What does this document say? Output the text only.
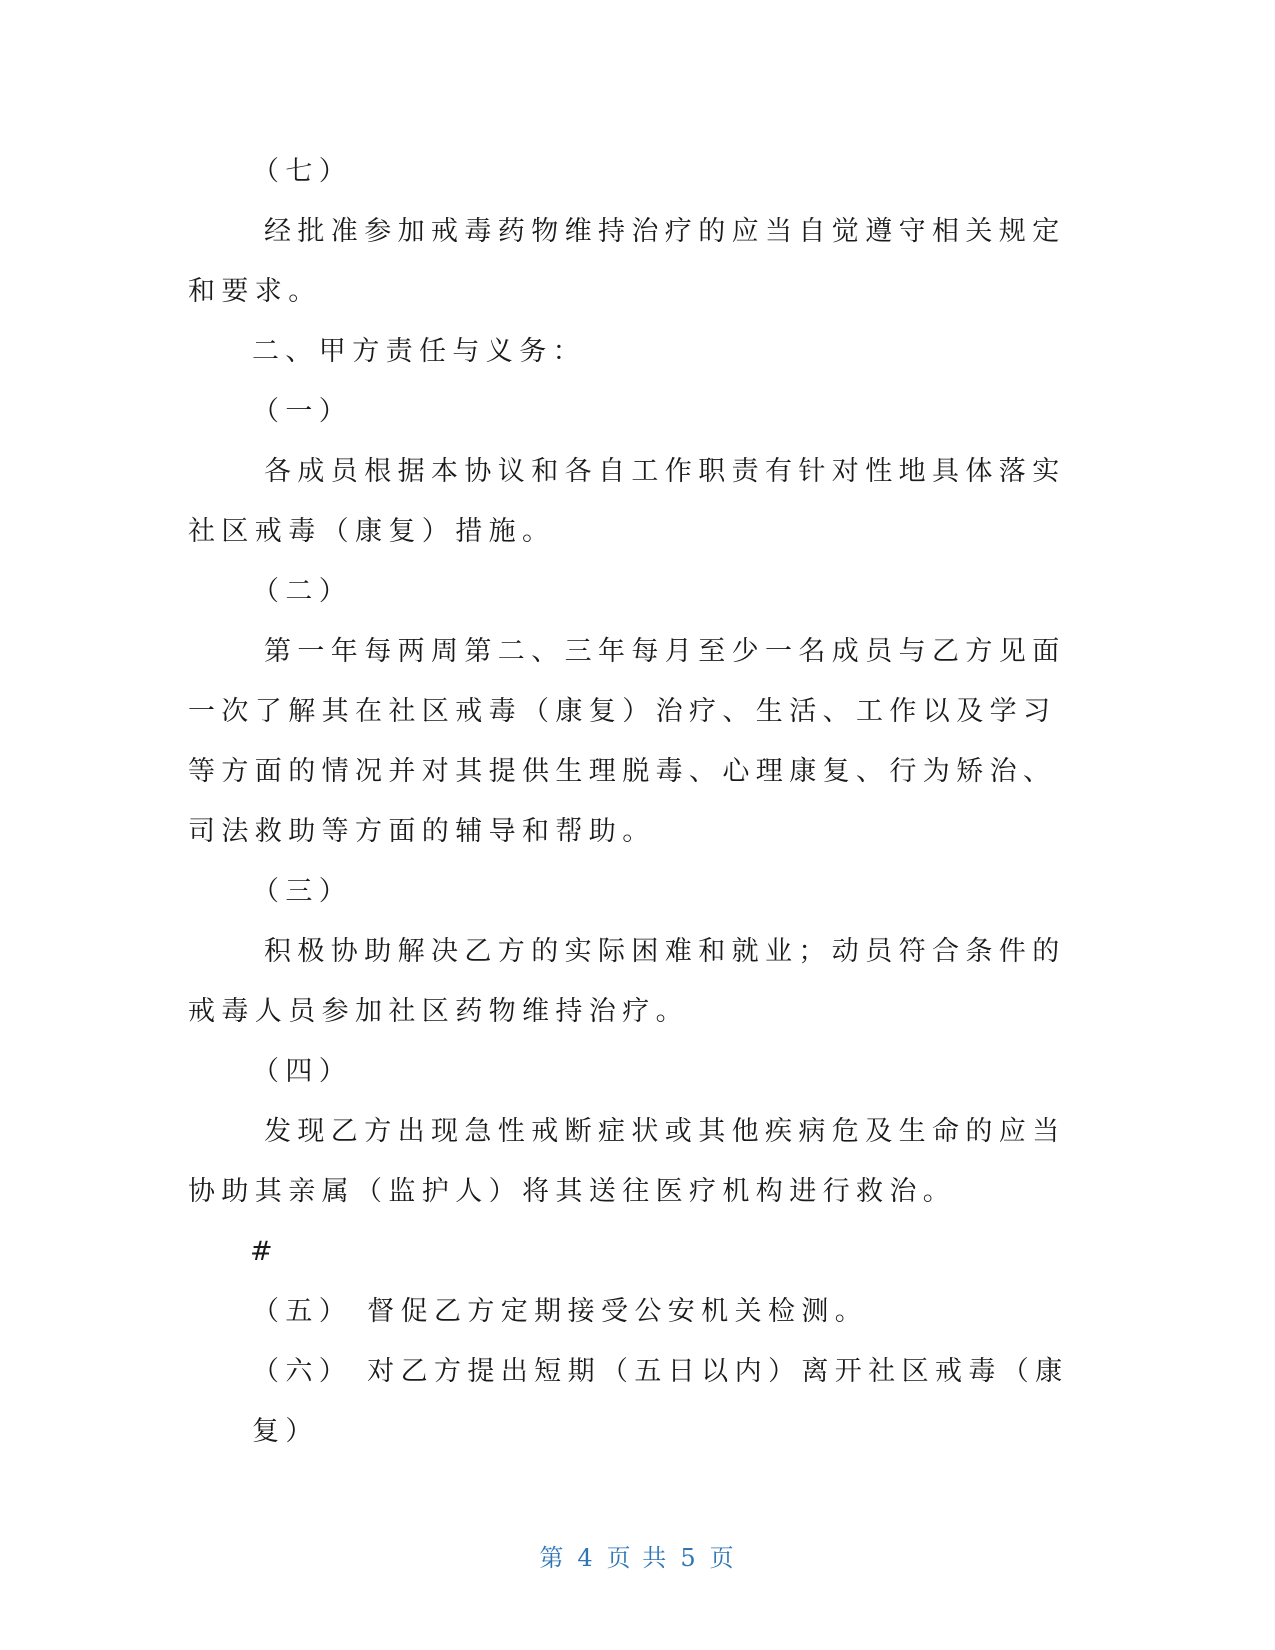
（七）

经批准参加戒毒药物维持治疗的应当自觉遵守相关规定和要求。

二、甲方责任与义务：

（一）

各成员根据本协议和各自工作职责有针对性地具体落实社区戒毒（康复）措施。

（二）

第一年每两周第二、三年每月至少一名成员与乙方见面一次了解其在社区戒毒（康复）治疗、生活、工作以及学习等方面的情况并对其提供生理脱毒、心理康复、行为矫治、司法救助等方面的辅导和帮助。

（三）

积极协助解决乙方的实际困难和就业；动员符合条件的戒毒人员参加社区药物维持治疗。

（四）

发现乙方出现急性戒断症状或其他疾病危及生命的应当协助其亲属（监护人）将其送往医疗机构进行救治。

#

（五） 督促乙方定期接受公安机关检测。

（六） 对乙方提出短期（五日以内）离开社区戒毒（康复）

第 4 页 共 5 页
